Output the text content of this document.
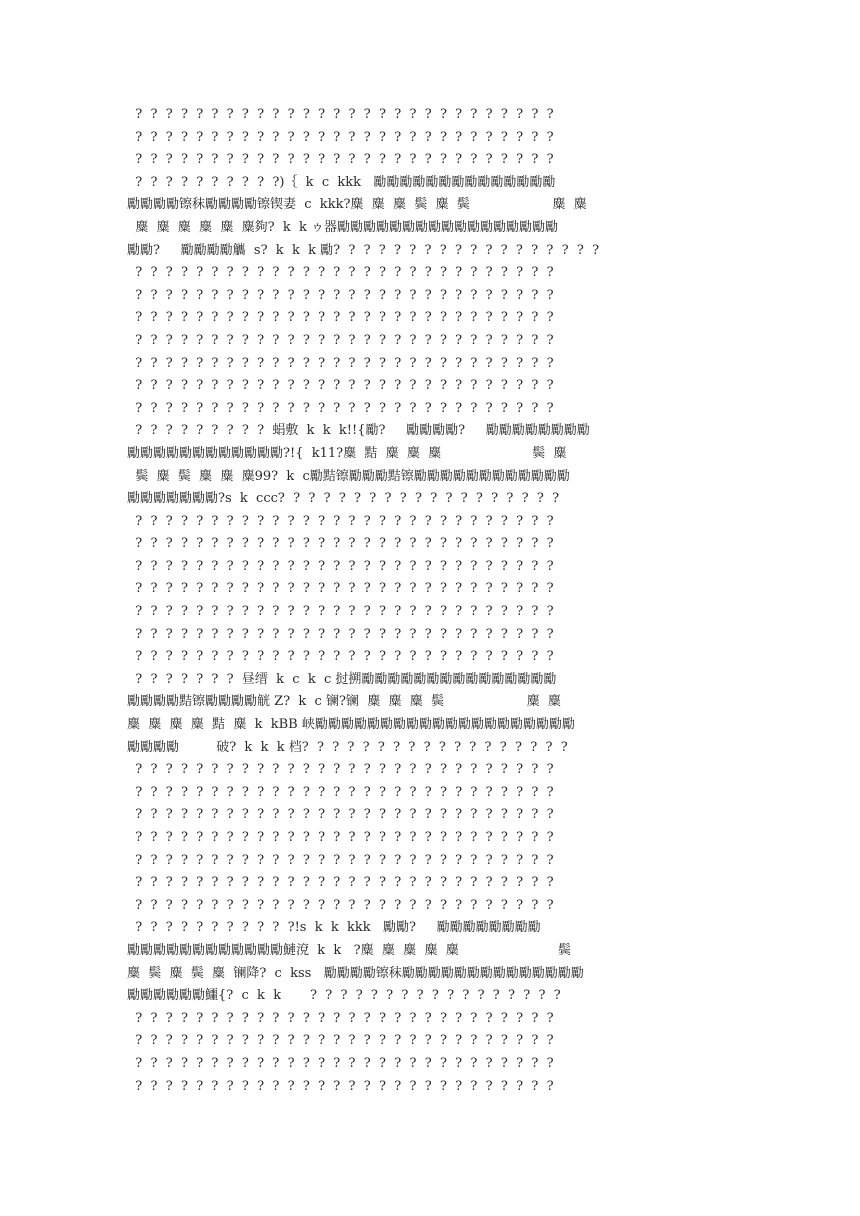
?  ?  ?  ?  ?  ?  ?  ?  ?  ?  ?  ?  ?  ?  ?  ?  ?  ?  ?  ?  ?  ?  ?  ?  ?  ?  ?  ?
?  ?  ?  ?  ?  ?  ?  ?  ?  ?  ?  ?  ?  ?  ?  ?  ?  ?  ?  ?  ?  ?  ?  ?  ?  ?  ?  ?
?  ?  ?  ?  ?  ?  ?  ?  ?  ?  ?  ?  ?  ?  ?  ?  ?  ?  ?  ?  ?  ?  ?  ?  ?  ?  ?  ?
?  ?  ?  ?  ?  ?  ?  ?  ?  ?)｛  k  c  kkk   勵勵勵勵勵勵勵勵勵勵勵勵勵勵
勵勵勵勵镲秣勵勵勵勵镲锲妻  c  kkk?麋  麋  麋  鬓  麋  鬓                    麋  麋
麋  麋  麋  麋  麋  麋夠?  k  k ゥ器勵勵勵勵勵勵勵勵勵勵勵勵勵勵勵勵勵
勵勵?     勵勵勵勵觿  s?  k  k  k 勵?  ?  ?  ?  ?  ?  ?  ?  ?  ?  ?  ?  ?  ?  ?  ?  ?  ?
?  ?  ?  ?  ?  ?  ?  ?  ?  ?  ?  ?  ?  ?  ?  ?  ?  ?  ?  ?  ?  ?  ?  ?  ?  ?  ?  ?
?  ?  ?  ?  ?  ?  ?  ?  ?  ?  ?  ?  ?  ?  ?  ?  ?  ?  ?  ?  ?  ?  ?  ?  ?  ?  ?  ?
?  ?  ?  ?  ?  ?  ?  ?  ?  ?  ?  ?  ?  ?  ?  ?  ?  ?  ?  ?  ?  ?  ?  ?  ?  ?  ?  ?
?  ?  ?  ?  ?  ?  ?  ?  ?  ?  ?  ?  ?  ?  ?  ?  ?  ?  ?  ?  ?  ?  ?  ?  ?  ?  ?  ?
?  ?  ?  ?  ?  ?  ?  ?  ?  ?  ?  ?  ?  ?  ?  ?  ?  ?  ?  ?  ?  ?  ?  ?  ?  ?  ?  ?
?  ?  ?  ?  ?  ?  ?  ?  ?  ?  ?  ?  ?  ?  ?  ?  ?  ?  ?  ?  ?  ?  ?  ?  ?  ?  ?  ?
?  ?  ?  ?  ?  ?  ?  ?  ?  ?  ?  ?  ?  ?  ?  ?  ?  ?  ?  ?  ?  ?  ?  ?  ?  ?  ?  ?
?  ?  ?  ?  ?  ?  ?  ?  ?  蜎敷  k  k  k!!{勵?     勵勵勵勵?     勵勵勵勵勵勵勵勵
勵勵勵勵勵勵勵勵勵勵勵勵?!{  k11?麋  黠  麋  麋  麋                      鬓  麋
鬓  麋  鬓  麋  麋  麋99?  k  c勵黠镲勵勵勵黠镲勵勵勵勵勵勵勵勵勵勵勵勵
勵勵勵勵勵勵勵?s  k  ccc?  ?  ?  ?  ?  ?  ?  ?  ?  ?  ?  ?  ?  ?  ?  ?  ?  ?  ?
?  ?  ?  ?  ?  ?  ?  ?  ?  ?  ?  ?  ?  ?  ?  ?  ?  ?  ?  ?  ?  ?  ?  ?  ?  ?  ?  ?
?  ?  ?  ?  ?  ?  ?  ?  ?  ?  ?  ?  ?  ?  ?  ?  ?  ?  ?  ?  ?  ?  ?  ?  ?  ?  ?  ?
?  ?  ?  ?  ?  ?  ?  ?  ?  ?  ?  ?  ?  ?  ?  ?  ?  ?  ?  ?  ?  ?  ?  ?  ?  ?  ?  ?
?  ?  ?  ?  ?  ?  ?  ?  ?  ?  ?  ?  ?  ?  ?  ?  ?  ?  ?  ?  ?  ?  ?  ?  ?  ?  ?  ?
?  ?  ?  ?  ?  ?  ?  ?  ?  ?  ?  ?  ?  ?  ?  ?  ?  ?  ?  ?  ?  ?  ?  ?  ?  ?  ?  ?
?  ?  ?  ?  ?  ?  ?  ?  ?  ?  ?  ?  ?  ?  ?  ?  ?  ?  ?  ?  ?  ?  ?  ?  ?  ?  ?  ?
?  ?  ?  ?  ?  ?  ?  ?  ?  ?  ?  ?  ?  ?  ?  ?  ?  ?  ?  ?  ?  ?  ?  ?  ?  ?  ?  ?
?  ?  ?  ?  ?  ?  ?  昼缙  k  c  k  c 挝搠勵勵勵勵勵勵勵勵勵勵勵勵勵勵勵
勵勵勵勵黠镲勵勵勵勵觥 Z?  k  c 镧?镧  麋  麋  麋  鬓                    麋  麋
麋  麋  麋  麋  黠  麋  k  kBB 峡勵勵勵勵勵勵勵勵勵勵勵勵勵勵勵勵勵勵勵勵
勵勵勵勵         破?  k  k  k 档?  ?  ?  ?  ?  ?  ?  ?  ?  ?  ?  ?  ?  ?  ?  ?  ?  ?
?  ?  ?  ?  ?  ?  ?  ?  ?  ?  ?  ?  ?  ?  ?  ?  ?  ?  ?  ?  ?  ?  ?  ?  ?  ?  ?  ?
?  ?  ?  ?  ?  ?  ?  ?  ?  ?  ?  ?  ?  ?  ?  ?  ?  ?  ?  ?  ?  ?  ?  ?  ?  ?  ?  ?
?  ?  ?  ?  ?  ?  ?  ?  ?  ?  ?  ?  ?  ?  ?  ?  ?  ?  ?  ?  ?  ?  ?  ?  ?  ?  ?  ?
?  ?  ?  ?  ?  ?  ?  ?  ?  ?  ?  ?  ?  ?  ?  ?  ?  ?  ?  ?  ?  ?  ?  ?  ?  ?  ?  ?
?  ?  ?  ?  ?  ?  ?  ?  ?  ?  ?  ?  ?  ?  ?  ?  ?  ?  ?  ?  ?  ?  ?  ?  ?  ?  ?  ?
?  ?  ?  ?  ?  ?  ?  ?  ?  ?  ?  ?  ?  ?  ?  ?  ?  ?  ?  ?  ?  ?  ?  ?  ?  ?  ?  ?
?  ?  ?  ?  ?  ?  ?  ?  ?  ?  ?  ?  ?  ?  ?  ?  ?  ?  ?  ?  ?  ?  ?  ?  ?  ?  ?  ?
?  ?  ?  ?  ?  ?  ?  ?  ?  ?  ?!s  k  k  kkk   勵勵?     勵勵勵勵勵勵勵勵
勵勵勵勵勵勵勵勵勵勵勵勵鰱渷  k  k   ?麋  麋  麋  麋  麋                        鬓
麋  鬓  麋  鬓  麋  镧降?  c  kss   勵勵勵勵镲秣勵勵勵勵勵勵勵勵勵勵勵勵勵勵
勵勵勵勵勵勵鱷{?  c  k  k       ?  ?  ?  ?  ?  ?  ?  ?  ?  ?  ?  ?  ?  ?  ?  ?  ?
?  ?  ?  ?  ?  ?  ?  ?  ?  ?  ?  ?  ?  ?  ?  ?  ?  ?  ?  ?  ?  ?  ?  ?  ?  ?  ?  ?
?  ?  ?  ?  ?  ?  ?  ?  ?  ?  ?  ?  ?  ?  ?  ?  ?  ?  ?  ?  ?  ?  ?  ?  ?  ?  ?  ?
?  ?  ?  ?  ?  ?  ?  ?  ?  ?  ?  ?  ?  ?  ?  ?  ?  ?  ?  ?  ?  ?  ?  ?  ?  ?  ?  ?
?  ?  ?  ?  ?  ?  ?  ?  ?  ?  ?  ?  ?  ?  ?  ?  ?  ?  ?  ?  ?  ?  ?  ?  ?  ?  ?  ?
